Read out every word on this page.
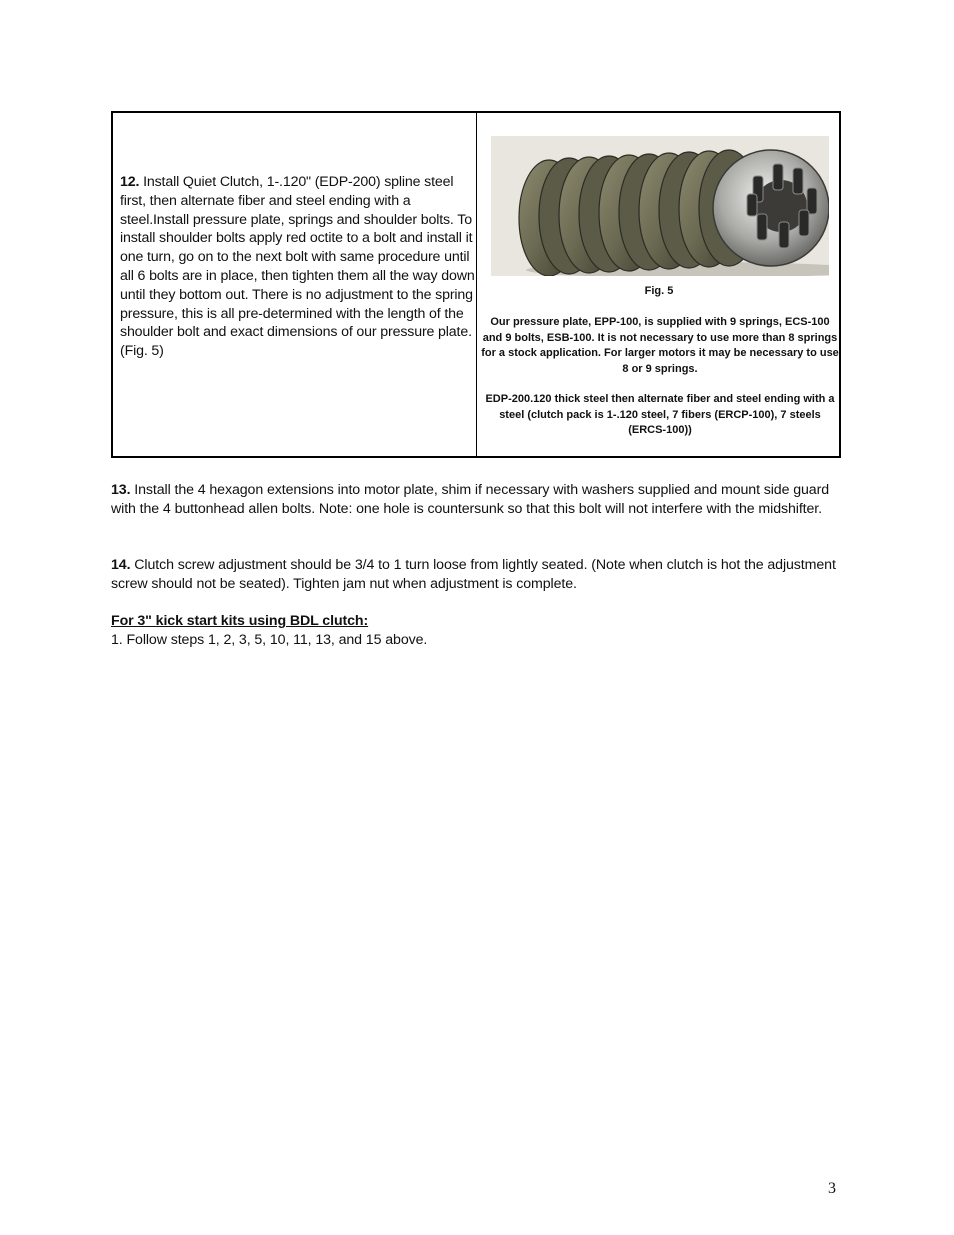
12. Install Quiet Clutch, 1-.120" (EDP-200) spline steel first, then alternate fiber and steel ending with a steel.Install pressure plate, springs and shoulder bolts. To install shoulder bolts apply red octite to a bolt and install it one turn, go on to the next bolt with same procedure until all 6 bolts are in place, then tighten them all the way down until they bottom out. There is no adjustment to the spring pressure, this is all pre-determined with the length of the shoulder bolt and exact dimensions of our pressure plate. (Fig. 5)
Fig. 5
Our pressure plate, EPP-100, is supplied with 9 springs, ECS-100 and 9 bolts, ESB-100. It is not necessary to use more than 8 springs for a stock application. For larger motors it may be necessary to use 8 or 9 springs.
EDP-200.120 thick steel then alternate fiber and steel ending with a steel (clutch pack is 1-.120 steel, 7 fibers (ERCP-100), 7 steels (ERCS-100))
13. Install the 4 hexagon extensions into motor plate, shim if necessary with washers supplied and mount side guard with the 4 buttonhead allen bolts. Note: one hole is countersunk so that this bolt will not interfere with the midshifter.
14. Clutch screw adjustment should be 3/4 to 1 turn loose from lightly seated. (Note when clutch is hot the adjustment screw should not be seated). Tighten jam nut when adjustment is complete.
For 3" kick start kits using BDL clutch:
1. Follow steps 1, 2, 3, 5, 10, 11, 13, and 15 above.
3
